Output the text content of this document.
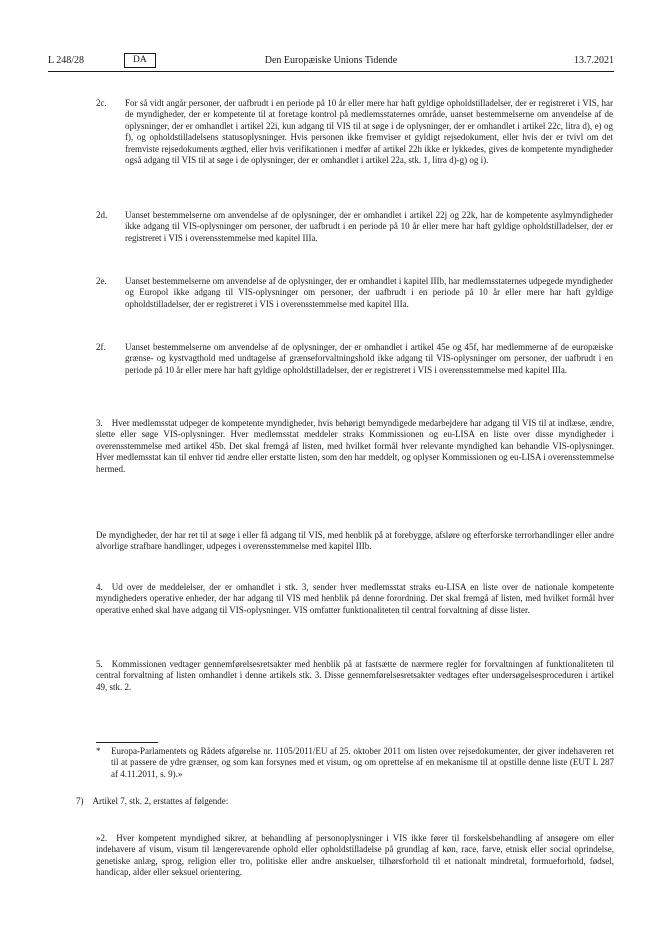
L 248/28	DA	Den Europæiske Unions Tidende	13.7.2021
2c. For så vidt angår personer, der uafbrudt i en periode på 10 år eller mere har haft gyldige opholdstilladelser, der er registreret i VIS, har de myndigheder, der er kompetente til at foretage kontrol på medlemsstaternes område, uanset bestemmelserne om anvendelse af de oplysninger, der er omhandlet i artikel 22i, kun adgang til VIS til at søge i de oplysninger, der er omhandlet i artikel 22c, litra d), e) og f), og opholdstilladelsens statusoplysninger. Hvis personen ikke fremviser et gyldigt rejsedokument, eller hvis der er tvivl om det fremviste rejsedokuments ægthed, eller hvis verifikationen i medfør af artikel 22h ikke er lykkedes, gives de kompetente myndigheder også adgang til VIS til at søge i de oplysninger, der er omhandlet i artikel 22a, stk. 1, litra d)-g) og i).

2d. Uanset bestemmelserne om anvendelse af de oplysninger, der er omhandlet i artikel 22j og 22k, har de kompetente asylmyndigheder ikke adgang til VIS-oplysninger om personer, der uafbrudt i en periode på 10 år eller mere har haft gyldige opholdstilladelser, der er registreret i VIS i overensstemmelse med kapitel IIIa.

2e. Uanset bestemmelserne om anvendelse af de oplysninger, der er omhandlet i kapitel IIIb, har medlemsstaternes udpegede myndigheder og Europol ikke adgang til VIS-oplysninger om personer, der uafbrudt i en periode på 10 år eller mere har haft gyldige opholdstilladelser, der er registreret i VIS i overensstemmelse med kapitel IIIa.

2f. Uanset bestemmelserne om anvendelse af de oplysninger, der er omhandlet i artikel 45e og 45f, har medlemmerne af de europæiske grænse- og kystvagthold med undtagelse af grænseforvaltningshold ikke adgang til VIS-oplysninger om personer, der uafbrudt i en periode på 10 år eller mere har haft gyldige opholdstilladelser, der er registreret i VIS i overensstemmelse med kapitel IIIa.

3. Hver medlemsstat udpeger de kompetente myndigheder, hvis behørigt bemyndigede medarbejdere har adgang til VIS til at indlæse, ændre, slette eller søge VIS-oplysninger. Hver medlemsstat meddeler straks Kommissionen og eu-LISA en liste over disse myndigheder i overensstemmelse med artikel 45b. Det skal fremgå af listen, med hvilket formål hver relevante myndighed kan behandle VIS-oplysninger. Hver medlemsstat kan til enhver tid ændre eller erstatte listen, som den har meddelt, og oplyser Kommissionen og eu-LISA i overensstemmelse hermed.

De myndigheder, der har ret til at søge i eller få adgang til VIS, med henblik på at forebygge, afsløre og efterforske terrorhandlinger eller andre alvorlige strafbare handlinger, udpeges i overensstemmelse med kapitel IIIb.

4. Ud over de meddelelser, der er omhandlet i stk. 3, sender hver medlemsstat straks eu-LISA en liste over de nationale kompetente myndigheders operative enheder, der har adgang til VIS med henblik på denne forordning. Det skal fremgå af listen, med hvilket formål hver operative enhed skal have adgang til VIS-oplysninger. VIS omfatter funktionaliteten til central forvaltning af disse lister.

5. Kommissionen vedtager gennemførelsesretsakter med henblik på at fastsætte de nærmere regler for forvaltningen af funktionaliteten til central forvaltning af listen omhandlet i denne artikels stk. 3. Disse gennemførelsesretsakter vedtages efter undersøgelsesproceduren i artikel 49, stk. 2.

* Europa-Parlamentets og Rådets afgørelse nr. 1105/2011/EU af 25. oktober 2011 om listen over rejsedokumenter, der giver indehaveren ret til at passere de ydre grænser, og som kan forsynes med et visum, og om oprettelse af en mekanisme til at opstille denne liste (EUT L 287 af 4.11.2011, s. 9).»

7) Artikel 7, stk. 2, erstattes af følgende:

»2. Hver kompetent myndighed sikrer, at behandling af personoplysninger i VIS ikke fører til forskelsbehandling af ansøgere om eller indehavere af visum, visum til længerevarende ophold eller opholdstilladelse på grundlag af køn, race, farve, etnisk eller social oprindelse, genetiske anlæg, sprog, religion eller tro, politiske eller andre anskuelser, tilhørsforhold til et nationalt mindretal, formueforhold, fødsel, handicap, alder eller seksuel orientering.
